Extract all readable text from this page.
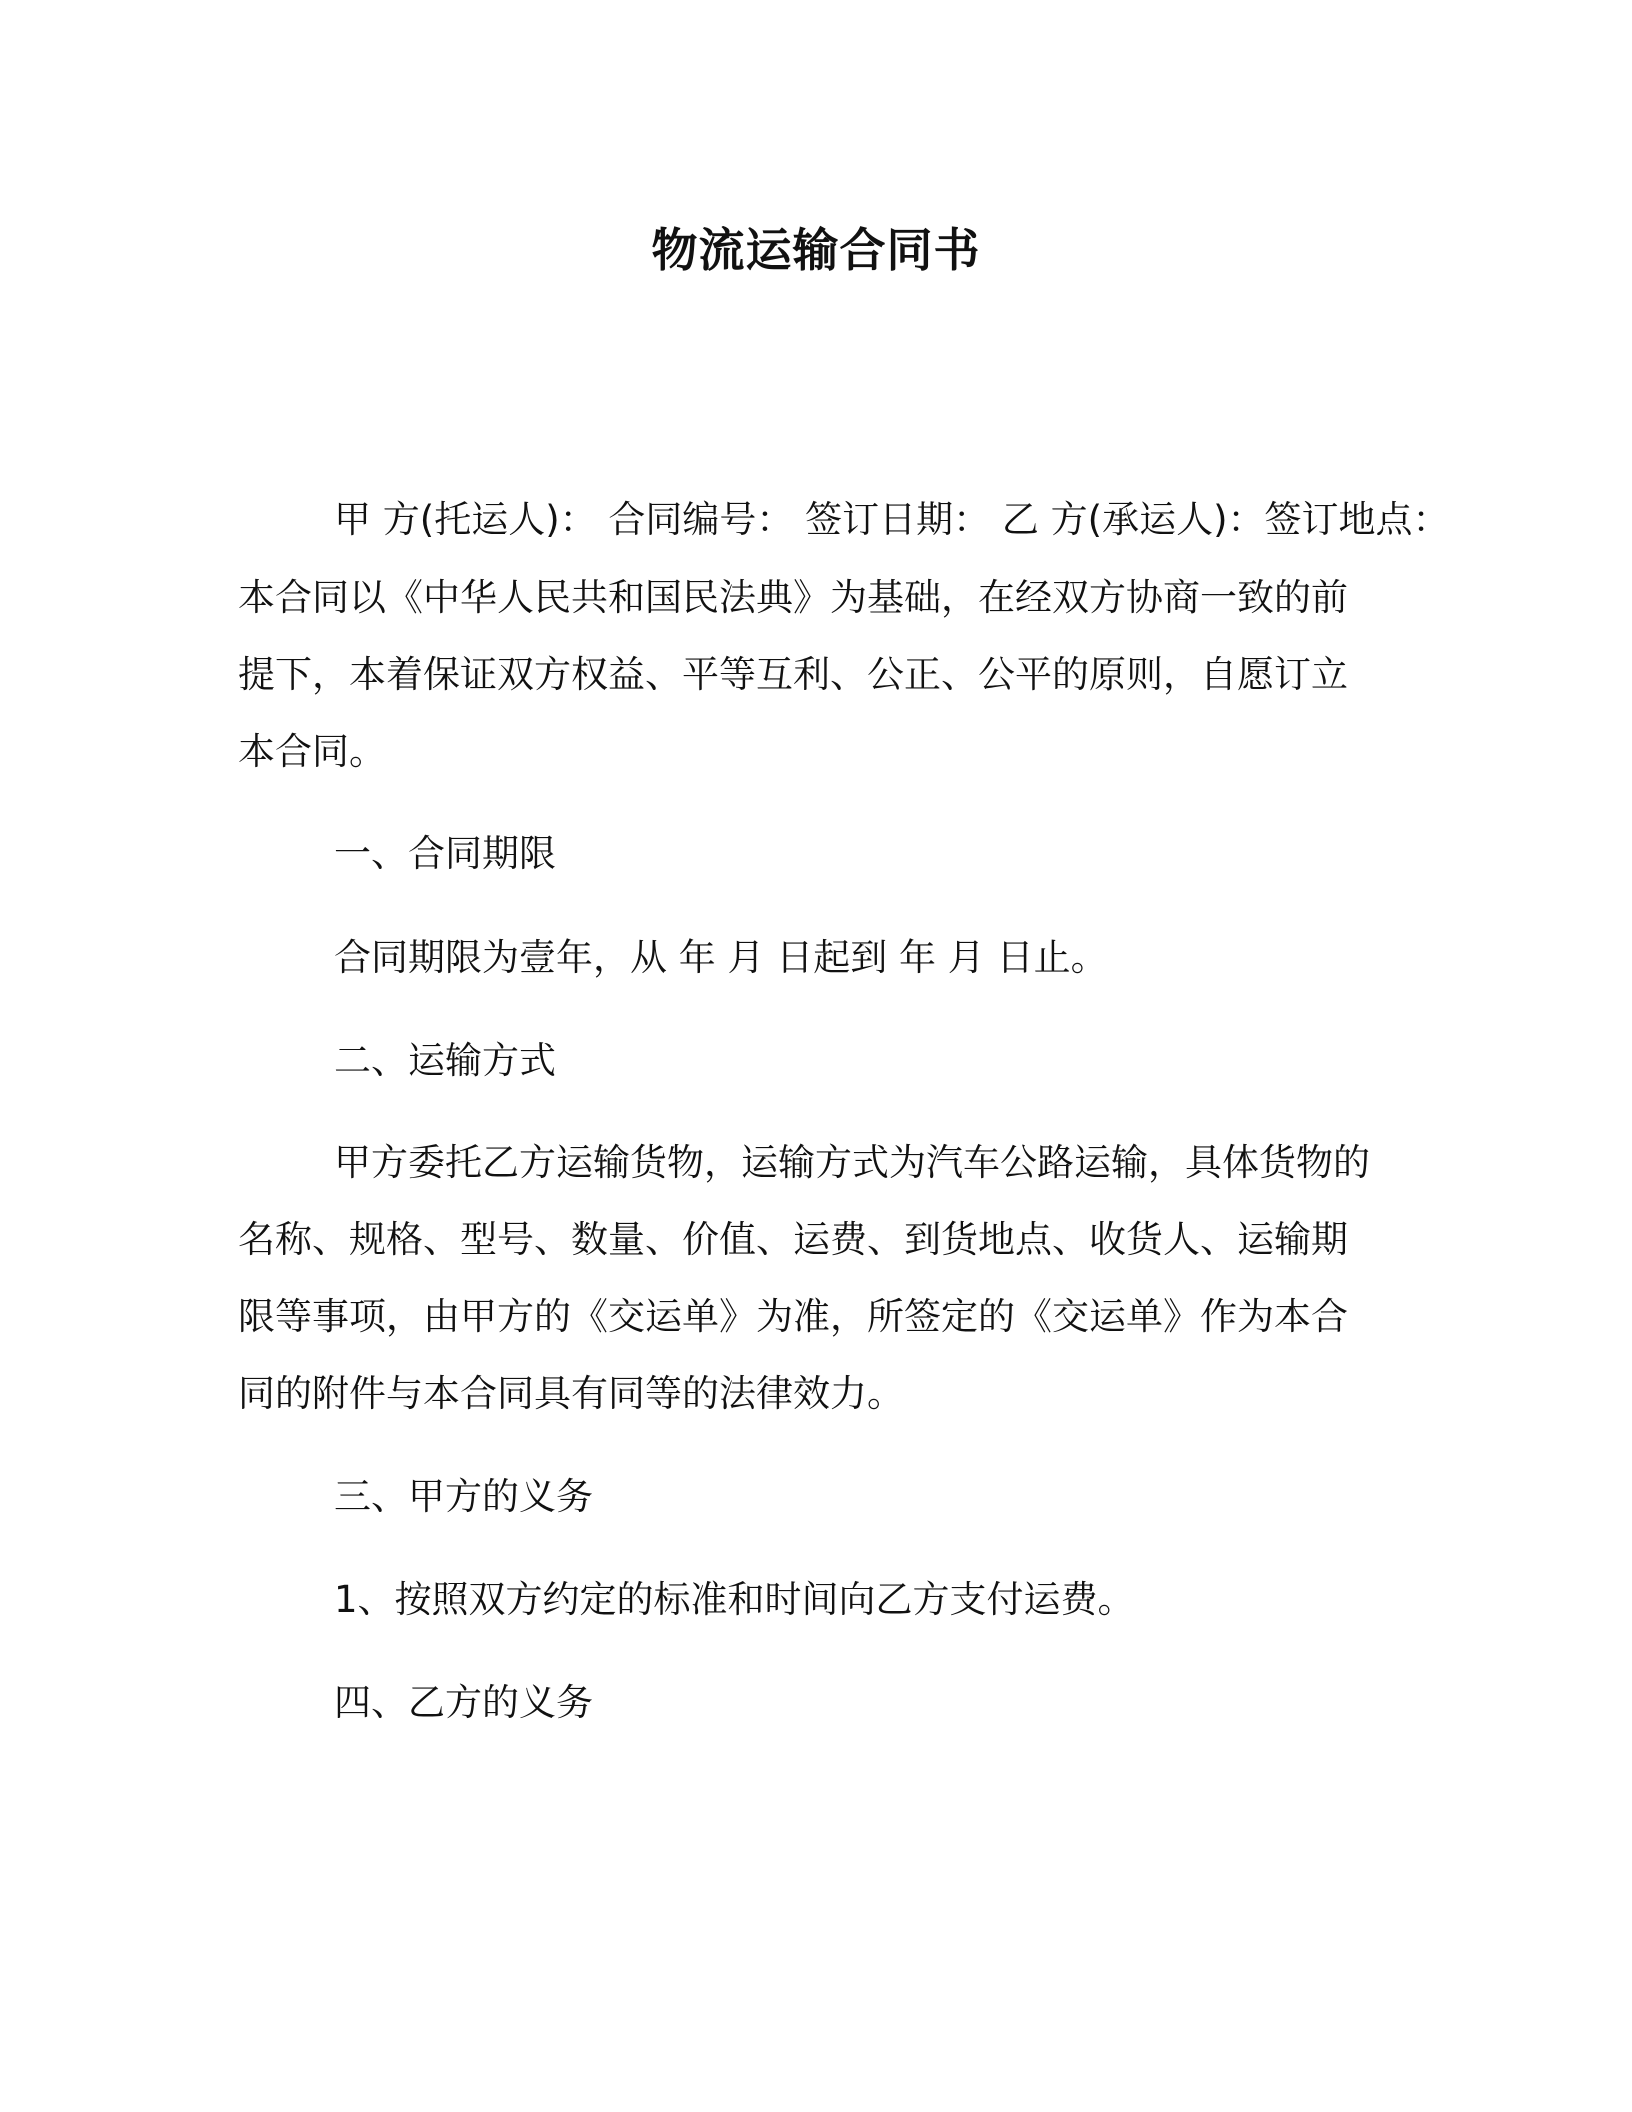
物流运输合同书
甲 方(托运人)： 合同编号： 签订日期： 乙 方(承运人)：签订地点：
本合同以《中华人民共和国民法典》为基础，在经双方协商一致的前
提下，本着保证双方权益、平等互利、公正、公平的原则，自愿订立
本合同。
一、合同期限
合同期限为壹年，从 年 月 日起到 年 月 日止。
二、运输方式
甲方委托乙方运输货物，运输方式为汽车公路运输，具体货物的
名称、规格、型号、数量、价值、运费、到货地点、收货人、运输期
限等事项，由甲方的《交运单》为准，所签定的《交运单》作为本合
同的附件与本合同具有同等的法律效力。
三、甲方的义务
1、按照双方约定的标准和时间向乙方支付运费。
四、乙方的义务
